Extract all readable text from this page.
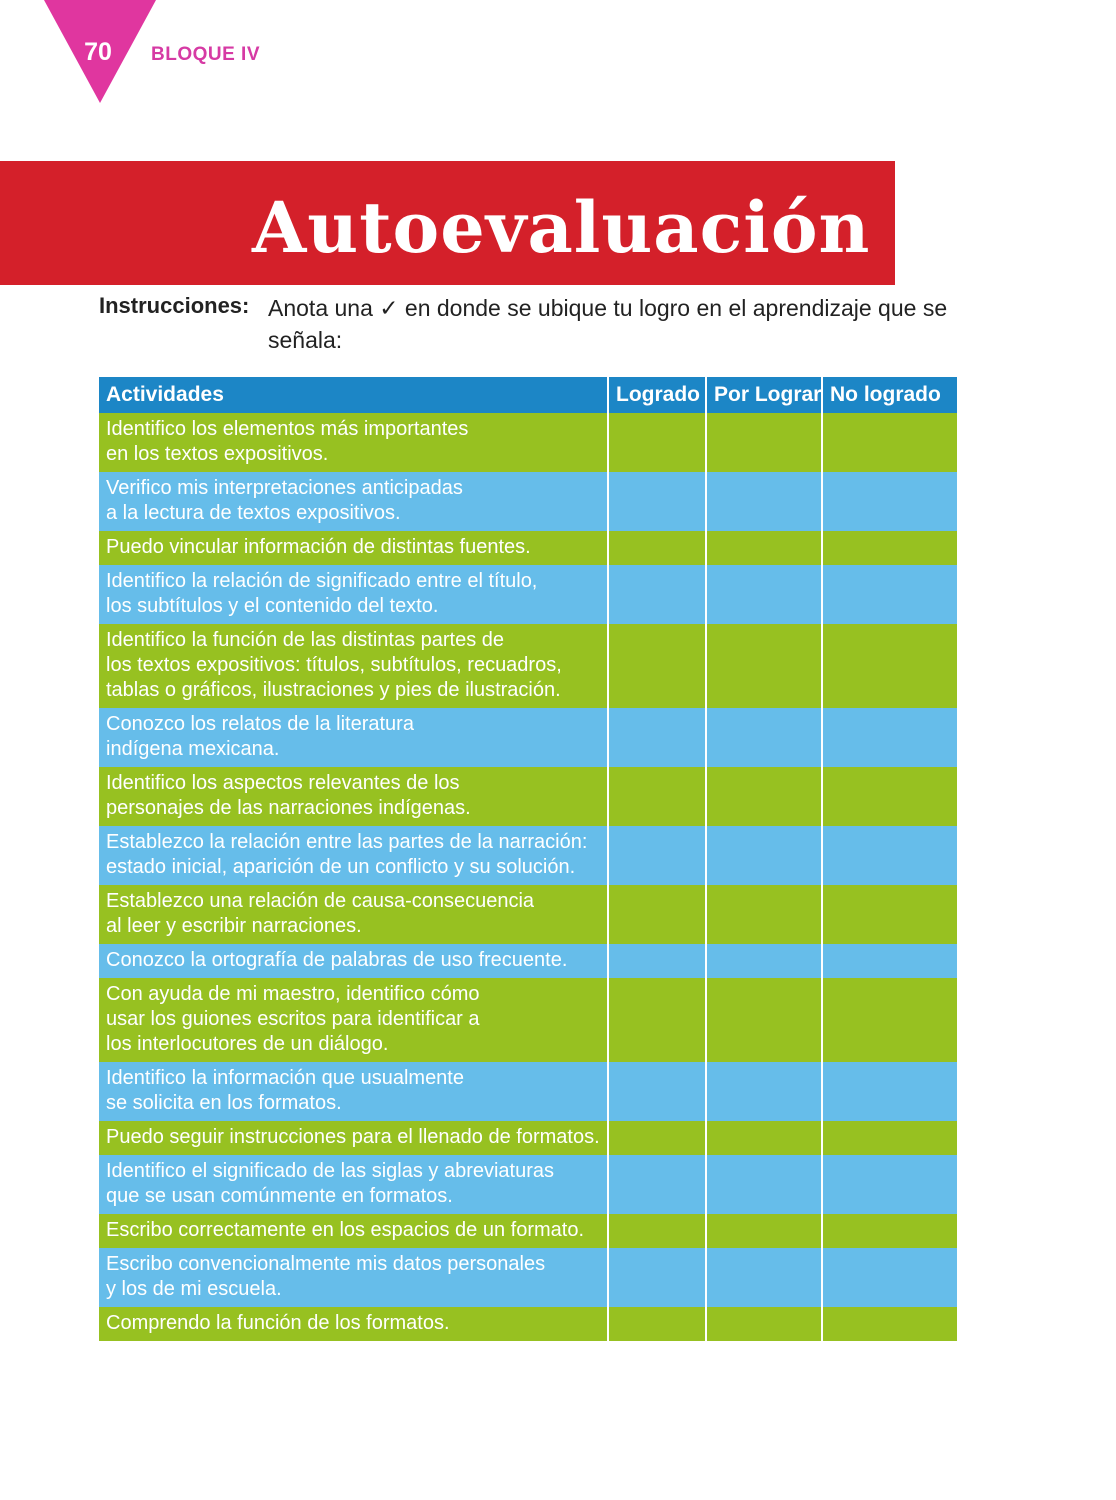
70	BLOQUE IV
Autoevaluación
Instrucciones: Anota una ✓ en donde se ubique tu logro en el aprendizaje que se señala:
Actividades	Logrado	Por Lograr	No logrado

Identifico los elementos más importantes
en los textos expositivos.			

Verifico mis interpretaciones anticipadas
a la lectura de textos expositivos.			

Puedo vincular información de distintas fuentes.			

Identifico la relación de significado entre el título,
los subtítulos y el contenido del texto.			

Identifico la función de las distintas partes de
los textos expositivos: títulos, subtítulos, recuadros,
tablas o gráficos, ilustraciones y pies de ilustración.			

Conozco los relatos de la literatura
indígena mexicana.			

Identifico los aspectos relevantes de los
personajes de las narraciones indígenas.			

Establezco la relación entre las partes de la narración:
estado inicial, aparición de un conflicto y su solución.			

Establezco una relación de causa-consecuencia
al leer y escribir narraciones.			

Conozco la ortografía de palabras de uso frecuente.			

Con ayuda de mi maestro, identifico cómo
usar los guiones escritos para identificar a
los interlocutores de un diálogo.			

Identifico la información que usualmente
se solicita en los formatos.			

Puedo seguir instrucciones para el llenado de formatos.			

Identifico el significado de las siglas y abreviaturas
que se usan comúnmente en formatos.			

Escribo correctamente en los espacios de un formato.			

Escribo convencionalmente mis datos personales
y los de mi escuela.			

Comprendo la función de los formatos.			
